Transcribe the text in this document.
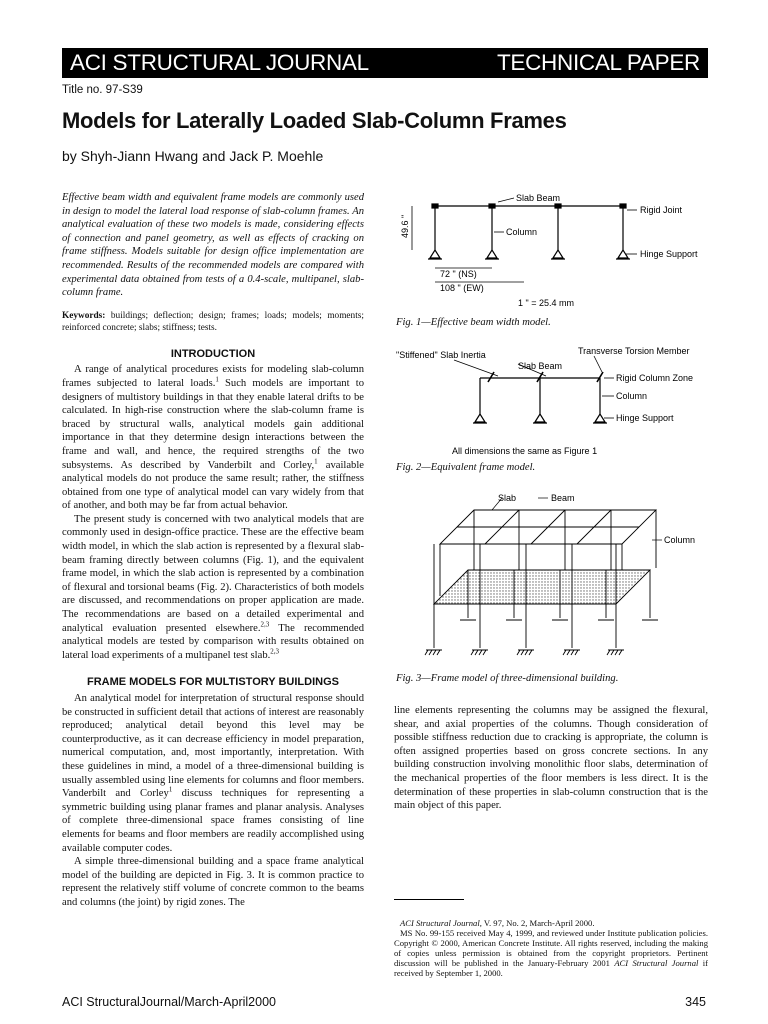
ACI STRUCTURAL JOURNAL	TECHNICAL PAPER
Title no. 97-S39
Models for Laterally Loaded Slab-Column Frames
by Shyh-Jiann Hwang and Jack P. Moehle

Effective beam width and equivalent frame models are commonly used in design to model the lateral load response of slab-column frames. An analytical evaluation of these two models is made, considering effects of connection and panel geometry, as well as effects of cracking on frame stiffness. Models suitable for design office implementation are recommended. Results of the recommended models are compared with experimental data obtained from tests of a 0.4-scale, multipanel, slab-column frame.

Keywords: buildings; deflection; design; frames; loads; models; moments; reinforced concrete; slabs; stiffness; tests.

INTRODUCTION

A range of analytical procedures exists for modeling slab-column frames subjected to lateral loads.$^1$ Such models are important to designers of multistory buildings in that they enable lateral drifts to be calculated. In high-rise construction where the slab-column frame is braced by structural walls, analytical models gain additional importance in that they determine design interactions between the frame and wall, and hence, the required strengths of the two subsystems. As described by Vanderbilt and Corley,$^1$ available analytical models do not produce the same result; rather, the stiffness obtained from one type of analytical model can vary widely from that of another, and both may be far from actual behavior.

The present study is concerned with two analytical models that are commonly used in design-office practice. These are the effective beam width model, in which the slab action is represented by a flexural slab-beam framing directly between columns (Fig. 1), and the equivalent frame model, in which the slab action is represented by a combination of flexural and torsional beams (Fig. 2). Characteristics of both models are discussed, and recommendations on proper application are made. The recommendations are based on a detailed experimental and analytical evaluation presented elsewhere.$^{2,3}$ The recommended analytical models are tested by comparison with results obtained on lateral load experiments of a multipanel test slab.$^{2,3}$

FRAME MODELS FOR MULTISTORY BUILDINGS

An analytical model for interpretation of structural response should be constructed in sufficient detail that actions of interest are reasonably reproduced; analytical detail beyond this level may be counterproductive, as it can decrease efficiency in model preparation, numerical computation, and, most importantly, interpretation. With these guidelines in mind, a model of a three-dimensional building is usually assembled using line elements for columns and floor members. Vanderbilt and Corley$^1$ discuss techniques for representing a symmetric building using planar frames and planar analysis. Analyses of complete three-dimensional space frames consisting of line elements for beams and floor members are readily accomplished using available computer codes.

A simple three-dimensional building and a space frame analytical model of the building are depicted in Fig. 3. It is common practice to represent the relatively stiff volume of concrete common to the beams and columns (the joint) by rigid zones. The

Slab Beam
Rigid Joint
Column
Hinge Support
49.6 "
72 " (NS)
108 " (EW)
1 " = 25.4 mm
Fig. 1—Effective beam width model.
"Stiffened" Slab Inertia	Transverse Torsion Member
Slab Beam
Rigid Column Zone
Column
Hinge Support
All dimensions the same as Figure 1
Fig. 2—Equivalent frame model.
Slab	Beam
Column
Fig. 3—Frame model of three-dimensional building.

line elements representing the columns may be assigned the flexural, shear, and axial properties of the columns. Though consideration of possible stiffness reduction due to cracking is appropriate, the column is often assigned properties based on gross concrete sections. In any building construction involving monolithic floor slabs, determination of the mechanical properties of the floor members is less direct. It is the determination of these properties in slab-column construction that is the main object of this paper.

ACI Structural Journal, V. 97, No. 2, March-April 2000.

MS No. 99-155 received May 4, 1999, and reviewed under Institute publication policies. Copyright © 2000, American Concrete Institute. All rights reserved, including the making of copies unless permission is obtained from the copyright proprietors. Pertinent discussion will be published in the January-February 2001 ACI Structural Journal if received by September 1, 2000.

ACI StructuralJournal/March-April2000	345
